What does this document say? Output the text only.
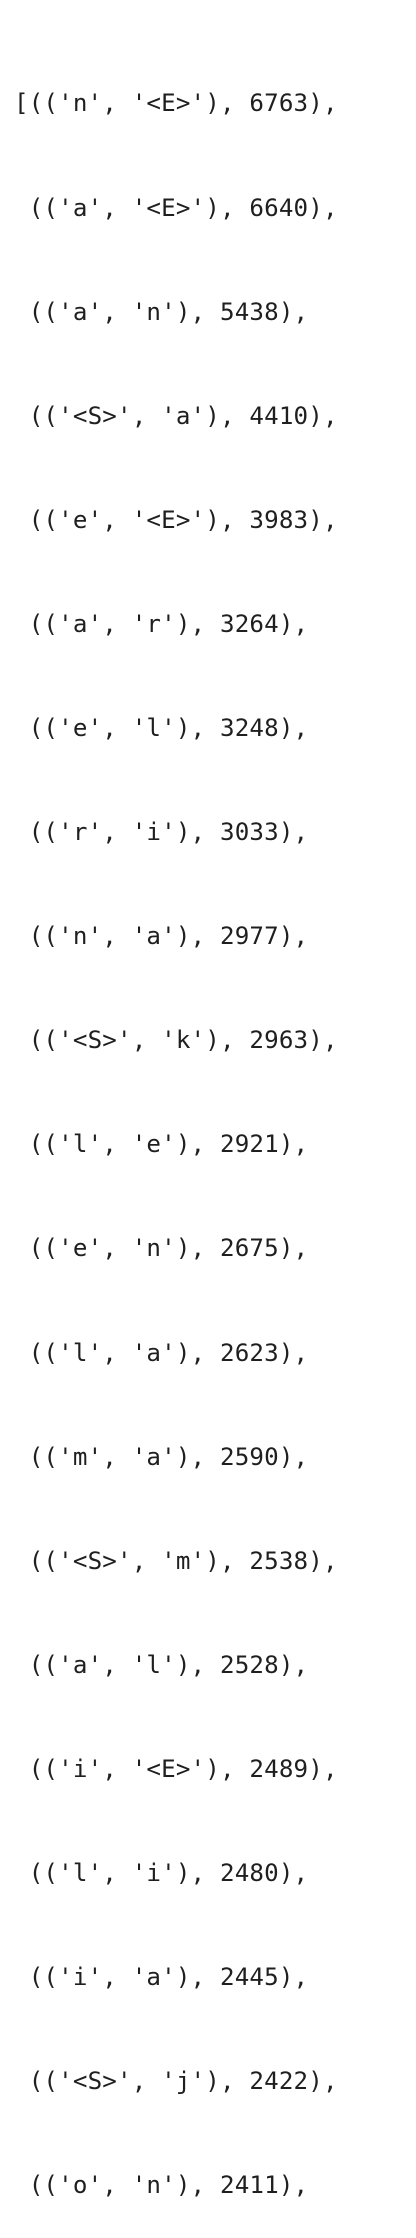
[(('n', '<E>'), 6763),

(('a', '<E>'), 6640),

(('a', 'n'), 5438),

(('<S>', 'a'), 4410),

(('e', '<E>'), 3983),

(('a', 'r'), 3264),

(('e', 'l'), 3248),

(('r', 'i'), 3033),

(('n', 'a'), 2977),

(('<S>', 'k'), 2963),

(('l', 'e'), 2921),

(('e', 'n'), 2675),

(('l', 'a'), 2623),

(('m', 'a'), 2590),

(('<S>', 'm'), 2538),

(('a', 'l'), 2528),

(('i', '<E>'), 2489),

(('l', 'i'), 2480),

(('i', 'a'), 2445),

(('<S>', 'j'), 2422),

(('o', 'n'), 2411),
